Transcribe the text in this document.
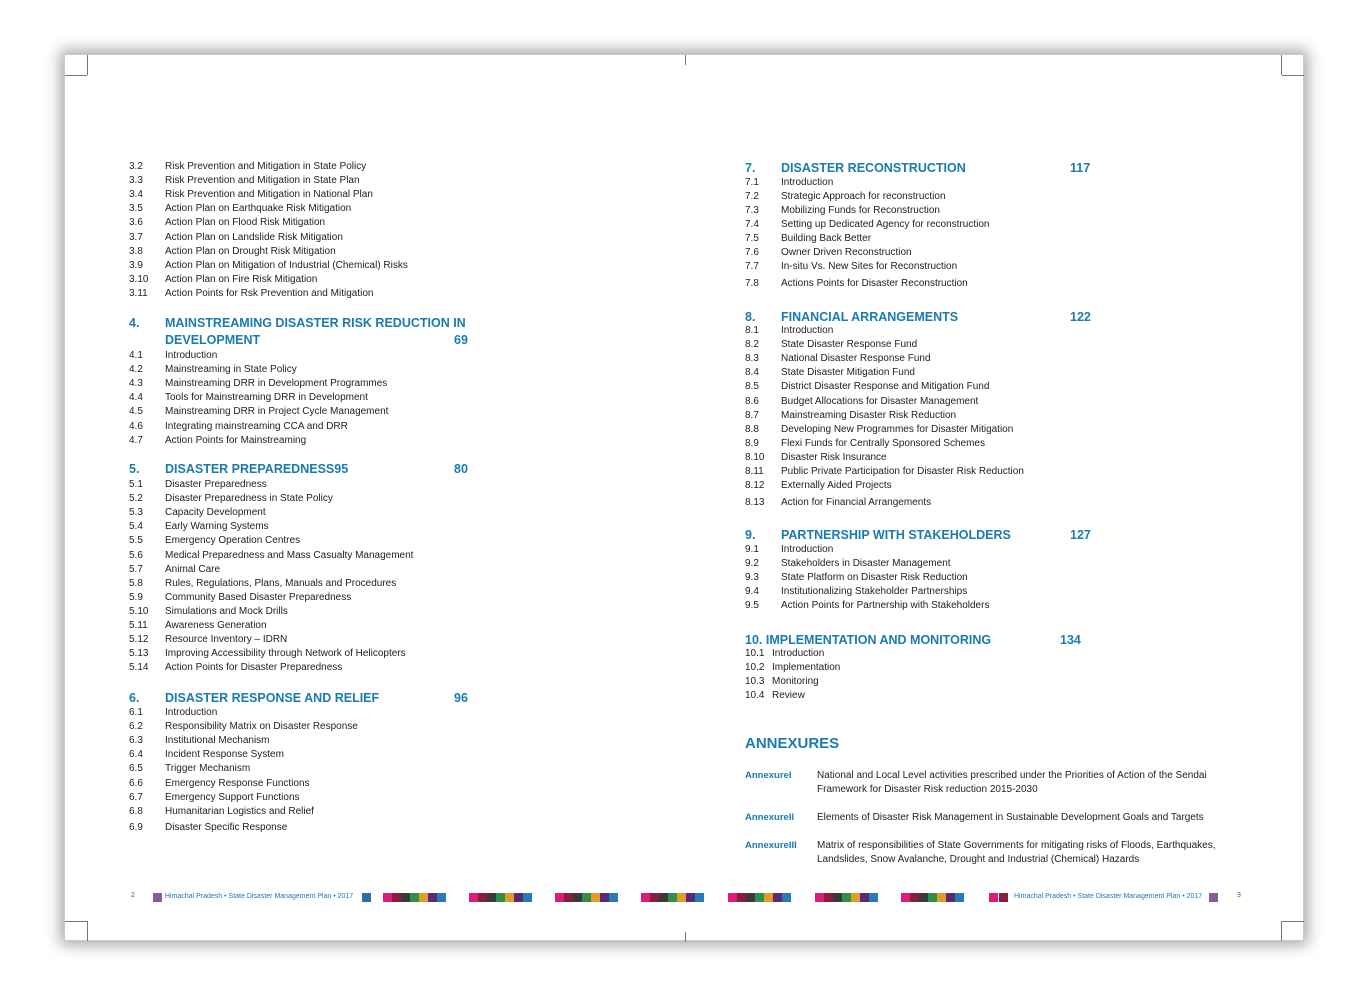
3.2 Risk Prevention and Mitigation in State Policy
3.3 Risk Prevention and Mitigation in State Plan
3.4 Risk Prevention and Mitigation in National Plan
3.5 Action Plan on Earthquake Risk Mitigation
3.6 Action Plan on Flood Risk Mitigation
3.7 Action Plan on Landslide Risk Mitigation
3.8 Action Plan on Drought Risk Mitigation
3.9 Action Plan on Mitigation of Industrial (Chemical) Risks
3.10 Action Plan on Fire Risk Mitigation
3.11 Action Points for Rsk Prevention and Mitigation
4. MAINSTREAMING DISASTER RISK REDUCTION IN
DEVELOPMENT	69
4.1 Introduction
4.2 Mainstreaming in State Policy
4.3 Mainstreaming DRR in Development Programmes
4.4 Tools for Mainstreaming DRR in Development
4.5 Mainstreaming DRR in Project Cycle Management
4.6 Integrating mainstreaming CCA and DRR
4.7 Action Points for Mainstreaming
5. DISASTER PREPAREDNESS95	80
5.1 Disaster Preparedness
5.2 Disaster Preparedness in State Policy
5.3 Capacity Development
5.4 Early Warning Systems
5.5 Emergency Operation Centres
5.6 Medical Preparedness and Mass Casualty Management
5.7 Animal Care
5.8 Rules, Regulations, Plans, Manuals and Procedures
5.9 Community Based Disaster Preparedness
5.10 Simulations and Mock Drills
5.11 Awareness Generation
5.12 Resource Inventory – IDRN
5.13 Improving Accessibility through Network of Helicopters
5.14 Action Points for Disaster Preparedness
6. DISASTER RESPONSE AND RELIEF	96
6.1 Introduction
6.2 Responsibility Matrix on Disaster Response
6.3 Institutional Mechanism
6.4 Incident Response System
6.5 Trigger Mechanism
6.6 Emergency Response Functions
6.7 Emergency Support Functions
6.8 Humanitarian Logistics and Relief
6.9 Disaster Specific Response
7. DISASTER RECONSTRUCTION	117
7.1 Introduction
7.2 Strategic Approach for reconstruction
7.3 Mobilizing Funds for Reconstruction
7.4 Setting up Dedicated Agency for reconstruction
7.5 Building Back Better
7.6 Owner Driven Reconstruction
7.7 In-situ Vs. New Sites for Reconstruction
7.8 Actions Points for Disaster Reconstruction
8. FINANCIAL ARRANGEMENTS	122
8.1 Introduction
8.2 State Disaster Response Fund
8.3 National Disaster Response Fund
8.4 State Disaster Mitigation Fund
8.5 District Disaster Response and Mitigation Fund
8.6 Budget Allocations for Disaster Management
8.7 Mainstreaming Disaster Risk Reduction
8.8 Developing New Programmes for Disaster Mitigation
8.9 Flexi Funds for Centrally Sponsored Schemes
8.10 Disaster Risk Insurance
8.11 Public Private Participation for Disaster Risk Reduction
8.12 Externally Aided Projects
8.13 Action for Financial Arrangements
9. PARTNERSHIP WITH STAKEHOLDERS	127
9.1 Introduction
9.2 Stakeholders in Disaster Management
9.3 State Platform on Disaster Risk Reduction
9.4 Institutionalizing Stakeholder Partnerships
9.5 Action Points for Partnership with Stakeholders
10. IMPLEMENTATION AND MONITORING	134
10.1 Introduction
10.2 Implementation
10.3 Monitoring
10.4 Review
ANNEXURES
AnnexureI	National and Local Level activities prescribed under the Priorities of Action of the Sendai Framework for Disaster Risk reduction 2015-2030
AnnexureII Elements of Disaster Risk Management in Sustainable Development Goals and Targets
AnnexureIII Matrix of responsibilities of State Governments for mitigating risks of Floods, Earthquakes, Landslides, Snow Avalanche, Drought and Industrial (Chemical) Hazards
2	Himachal Pradesh • State Disaster Management Plan • 2017	Himachal Pradesh • State Disaster Management Plan • 2017	3
